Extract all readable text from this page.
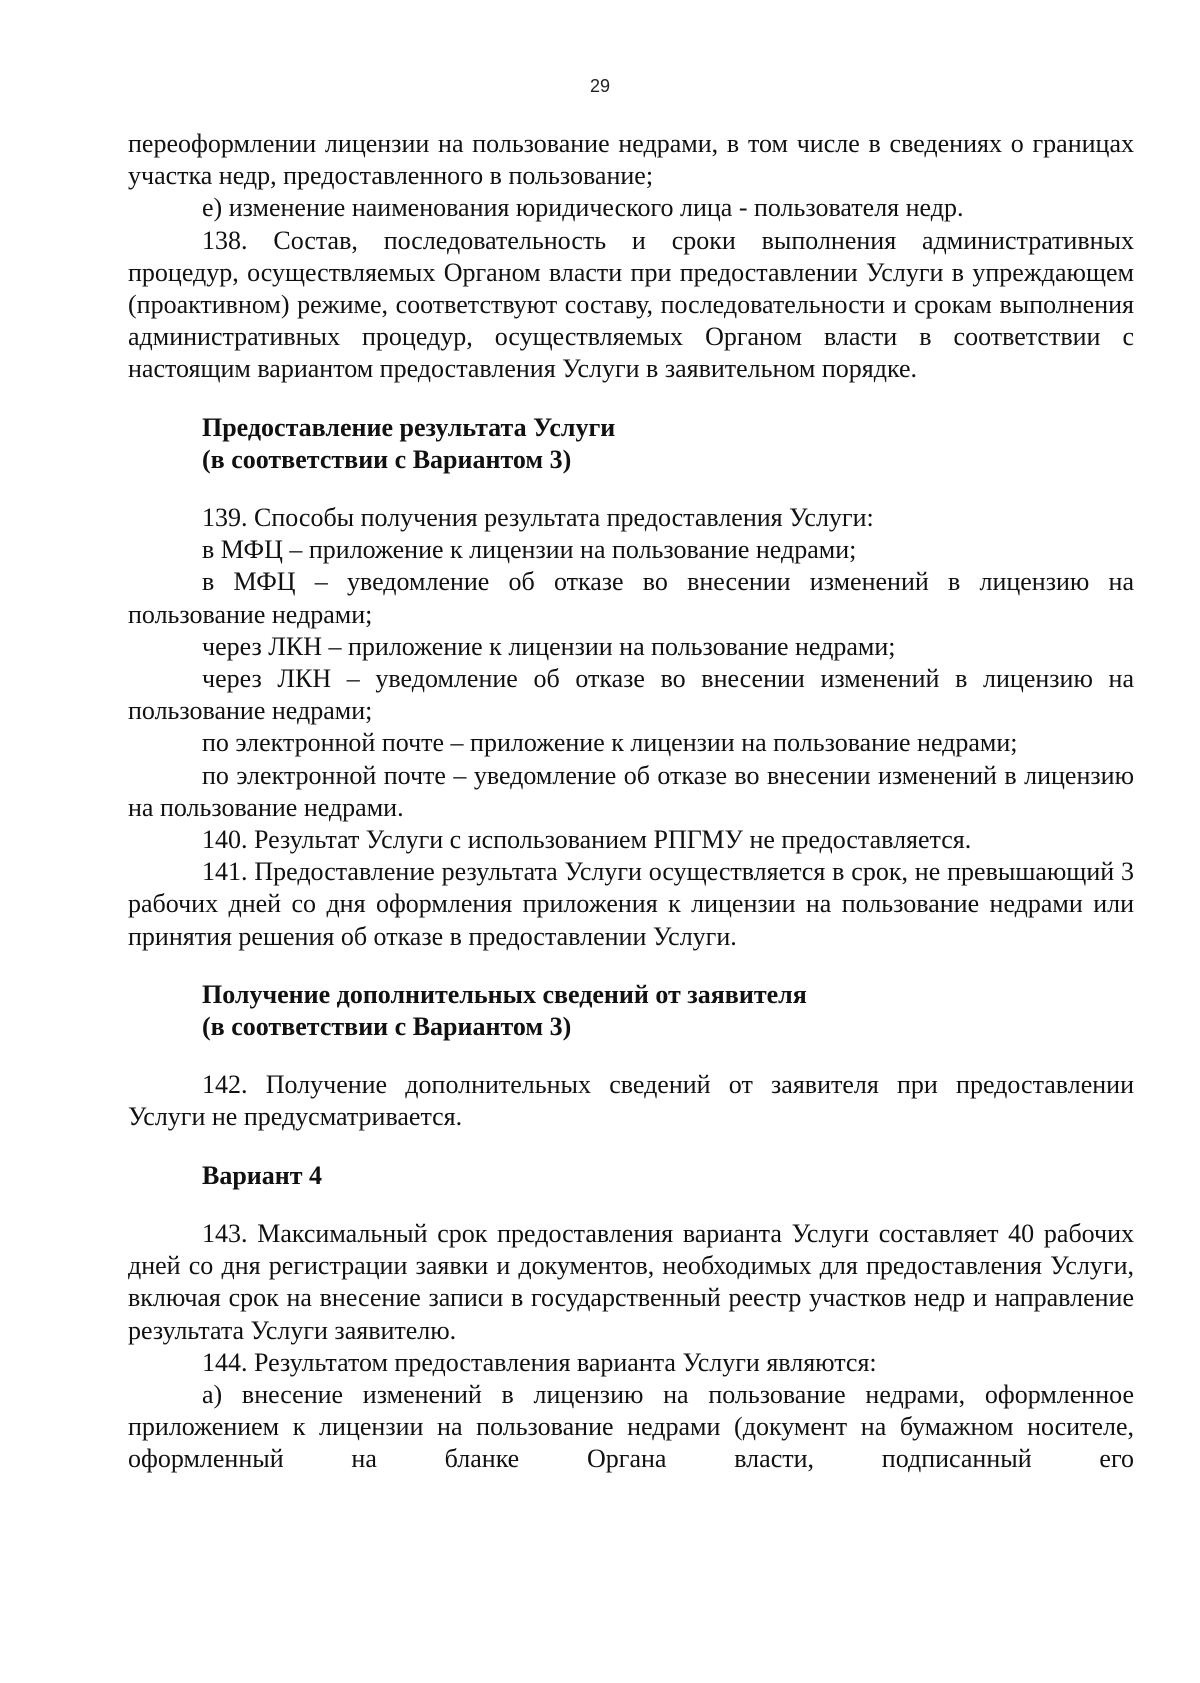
29

переоформлении лицензии на пользование недрами, в том числе в сведениях о границах участка недр, предоставленного в пользование;

е) изменение наименования юридического лица - пользователя недр.

138. Состав, последовательность и сроки выполнения административных процедур, осуществляемых Органом власти при предоставлении Услуги в упреждающем (проактивном) режиме, соответствуют составу, последовательности и срокам выполнения административных процедур, осуществляемых Органом власти в соответствии с настоящим вариантом предоставления Услуги в заявительном порядке.

Предоставление результата Услуги

(в соответствии с Вариантом 3)

139. Способы получения результата предоставления Услуги:

в МФЦ – приложение к лицензии на пользование недрами;

в МФЦ – уведомление об отказе во внесении изменений в лицензию на пользование недрами;

через ЛКН – приложение к лицензии на пользование недрами;

через ЛКН – уведомление об отказе во внесении изменений в лицензию на пользование недрами;

по электронной почте – приложение к лицензии на пользование недрами;

по электронной почте – уведомление об отказе во внесении изменений в лицензию на пользование недрами.

140. Результат Услуги с использованием РПГМУ не предоставляется.

141. Предоставление результата Услуги осуществляется в срок, не превышающий 3 рабочих дней со дня оформления приложения к лицензии на пользование недрами или принятия решения об отказе в предоставлении Услуги.

Получение дополнительных сведений от заявителя

(в соответствии с Вариантом 3)

142. Получение дополнительных сведений от заявителя при предоставлении Услуги не предусматривается.

Вариант 4

143. Максимальный срок предоставления варианта Услуги составляет 40 рабочих дней со дня регистрации заявки и документов, необходимых для предоставления Услуги, включая срок на внесение записи в государственный реестр участков недр и направление результата Услуги заявителю.

144. Результатом предоставления варианта Услуги являются:

а) внесение изменений в лицензию на пользование недрами, оформленное приложением к лицензии на пользование недрами (документ на бумажном носителе, оформленный на бланке Органа власти, подписанный его
